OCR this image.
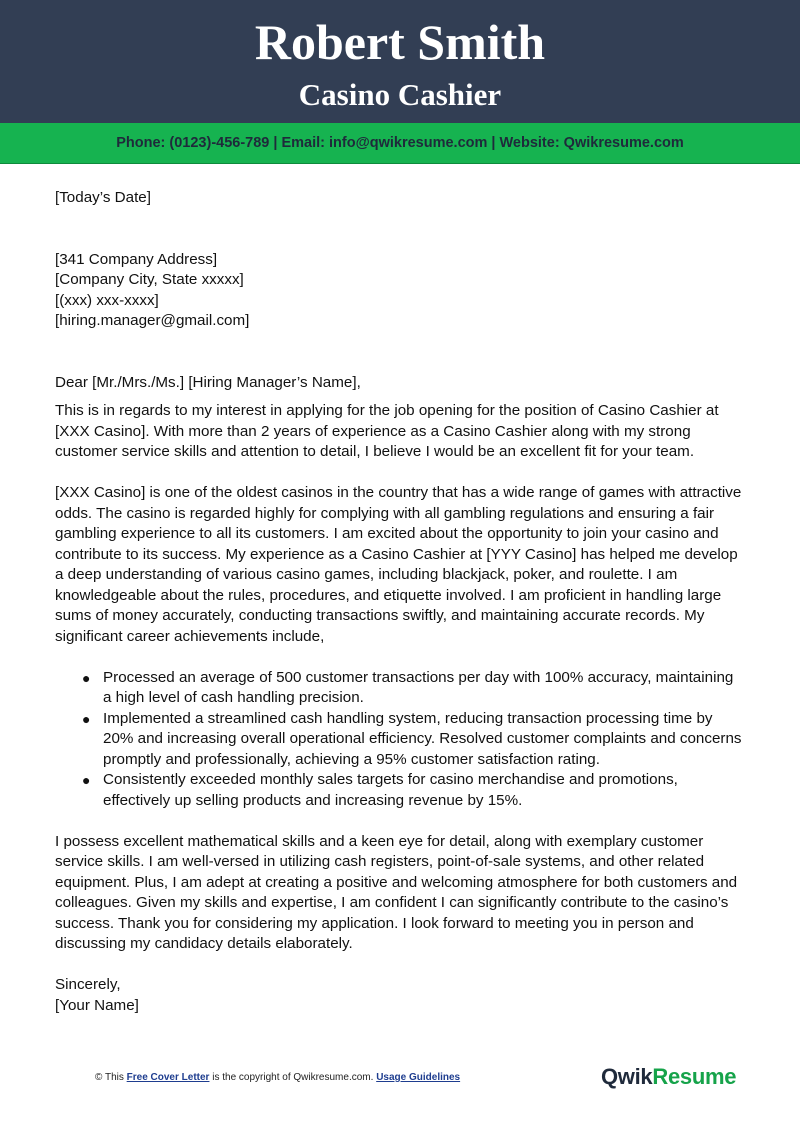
Robert Smith
Casino Cashier
Phone: (0123)-456-789 | Email: info@qwikresume.com | Website: Qwikresume.com

[Today’s Date]

[341 Company Address]

[Company City, State xxxxx]

[(xxx) xxx-xxxx]

[hiring.manager@gmail.com]

Dear [Mr./Mrs./Ms.] [Hiring Manager’s Name],

This is in regards to my interest in applying for the job opening for the position of Casino Cashier at [XXX Casino]. With more than 2 years of experience as a Casino Cashier along with my strong customer service skills and attention to detail, I believe I would be an excellent fit for your team.

[XXX Casino] is one of the oldest casinos in the country that has a wide range of games with attractive odds. The casino is regarded highly for complying with all gambling regulations and ensuring a fair gambling experience to all its customers. I am excited about the opportunity to join your casino and contribute to its success. My experience as a Casino Cashier at [YYY Casino] has helped me develop a deep understanding of various casino games, including blackjack, poker, and roulette. I am knowledgeable about the rules, procedures, and etiquette involved. I am proficient in handling large sums of money accurately, conducting transactions swiftly, and maintaining accurate records. My significant career achievements include,

● Processed an average of 500 customer transactions per day with 100% accuracy, maintaining a high level of cash handling precision.
● Implemented a streamlined cash handling system, reducing transaction processing time by 20% and increasing overall operational efficiency. Resolved customer complaints and concerns promptly and professionally, achieving a 95% customer satisfaction rating.
● Consistently exceeded monthly sales targets for casino merchandise and promotions, effectively up selling products and increasing revenue by 15%.

I possess excellent mathematical skills and a keen eye for detail, along with exemplary customer service skills. I am well-versed in utilizing cash registers, point-of-sale systems, and other related equipment. Plus, I am adept at creating a positive and welcoming atmosphere for both customers and colleagues. Given my skills and expertise, I am confident I can significantly contribute to the casino’s success. Thank you for considering my application. I look forward to meeting you in person and discussing my candidacy details elaborately.

Sincerely,

[Your Name]

© This Free Cover Letter is the copyright of Qwikresume.com. Usage Guidelines	QwikResume
